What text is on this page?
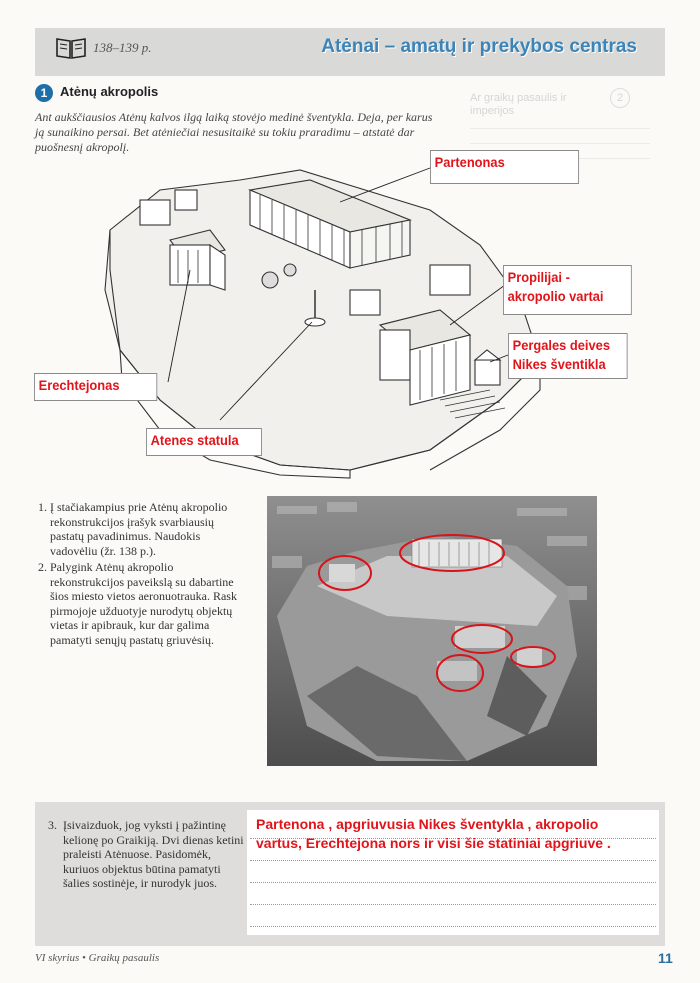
138–139 p.	Atėnai – amatų ir prekybos centras
2
Ar graikų pasaulis ir imperijos
1 Atėnų akropolis
Ant aukščiausios Atėnų kalvos ilgą laiką stovėjo medinė šventykla. Deja, per karus ją sunaikino persai. Bet atėniečiai nesusitaikė su tokiu praradimu – atstatė dar puošnesnį akropolį.
Partenonas
Propilijai - akropolio vartai
Pergales deives Nikes šventikla
Erechtejonas
Atenes statula
1. Į stačiakampius prie Atėnų akropolio rekonstrukcijos įrašyk svarbiausių pastatų pavadinimus. Naudokis vadovėliu (žr. 138 p.).
2. Palygink Atėnų akropolio rekonstrukcijos paveikslą su dabartine šios miesto vietos aeronuotrauka. Rask pirmojoje užduotyje nurodytų objektų vietas ir apibrauk, kur dar galima pamatyti senųjų pastatų griuvėsių.
3. Įsivaizduok, jog vyksti į pažintinę kelionę po Graikiją. Dvi dienas ketini praleisti Atėnuose. Pasidomėk, kuriuos objektus būtina pamatyti šalies sostinėje, ir nurodyk juos.
Partenona , apgriuvusia Nikes šventykla , akropolio vartus, Erechtejona nors ir visi šie statiniai apgriuve .
VI skyrius • Graikų pasaulis	11
